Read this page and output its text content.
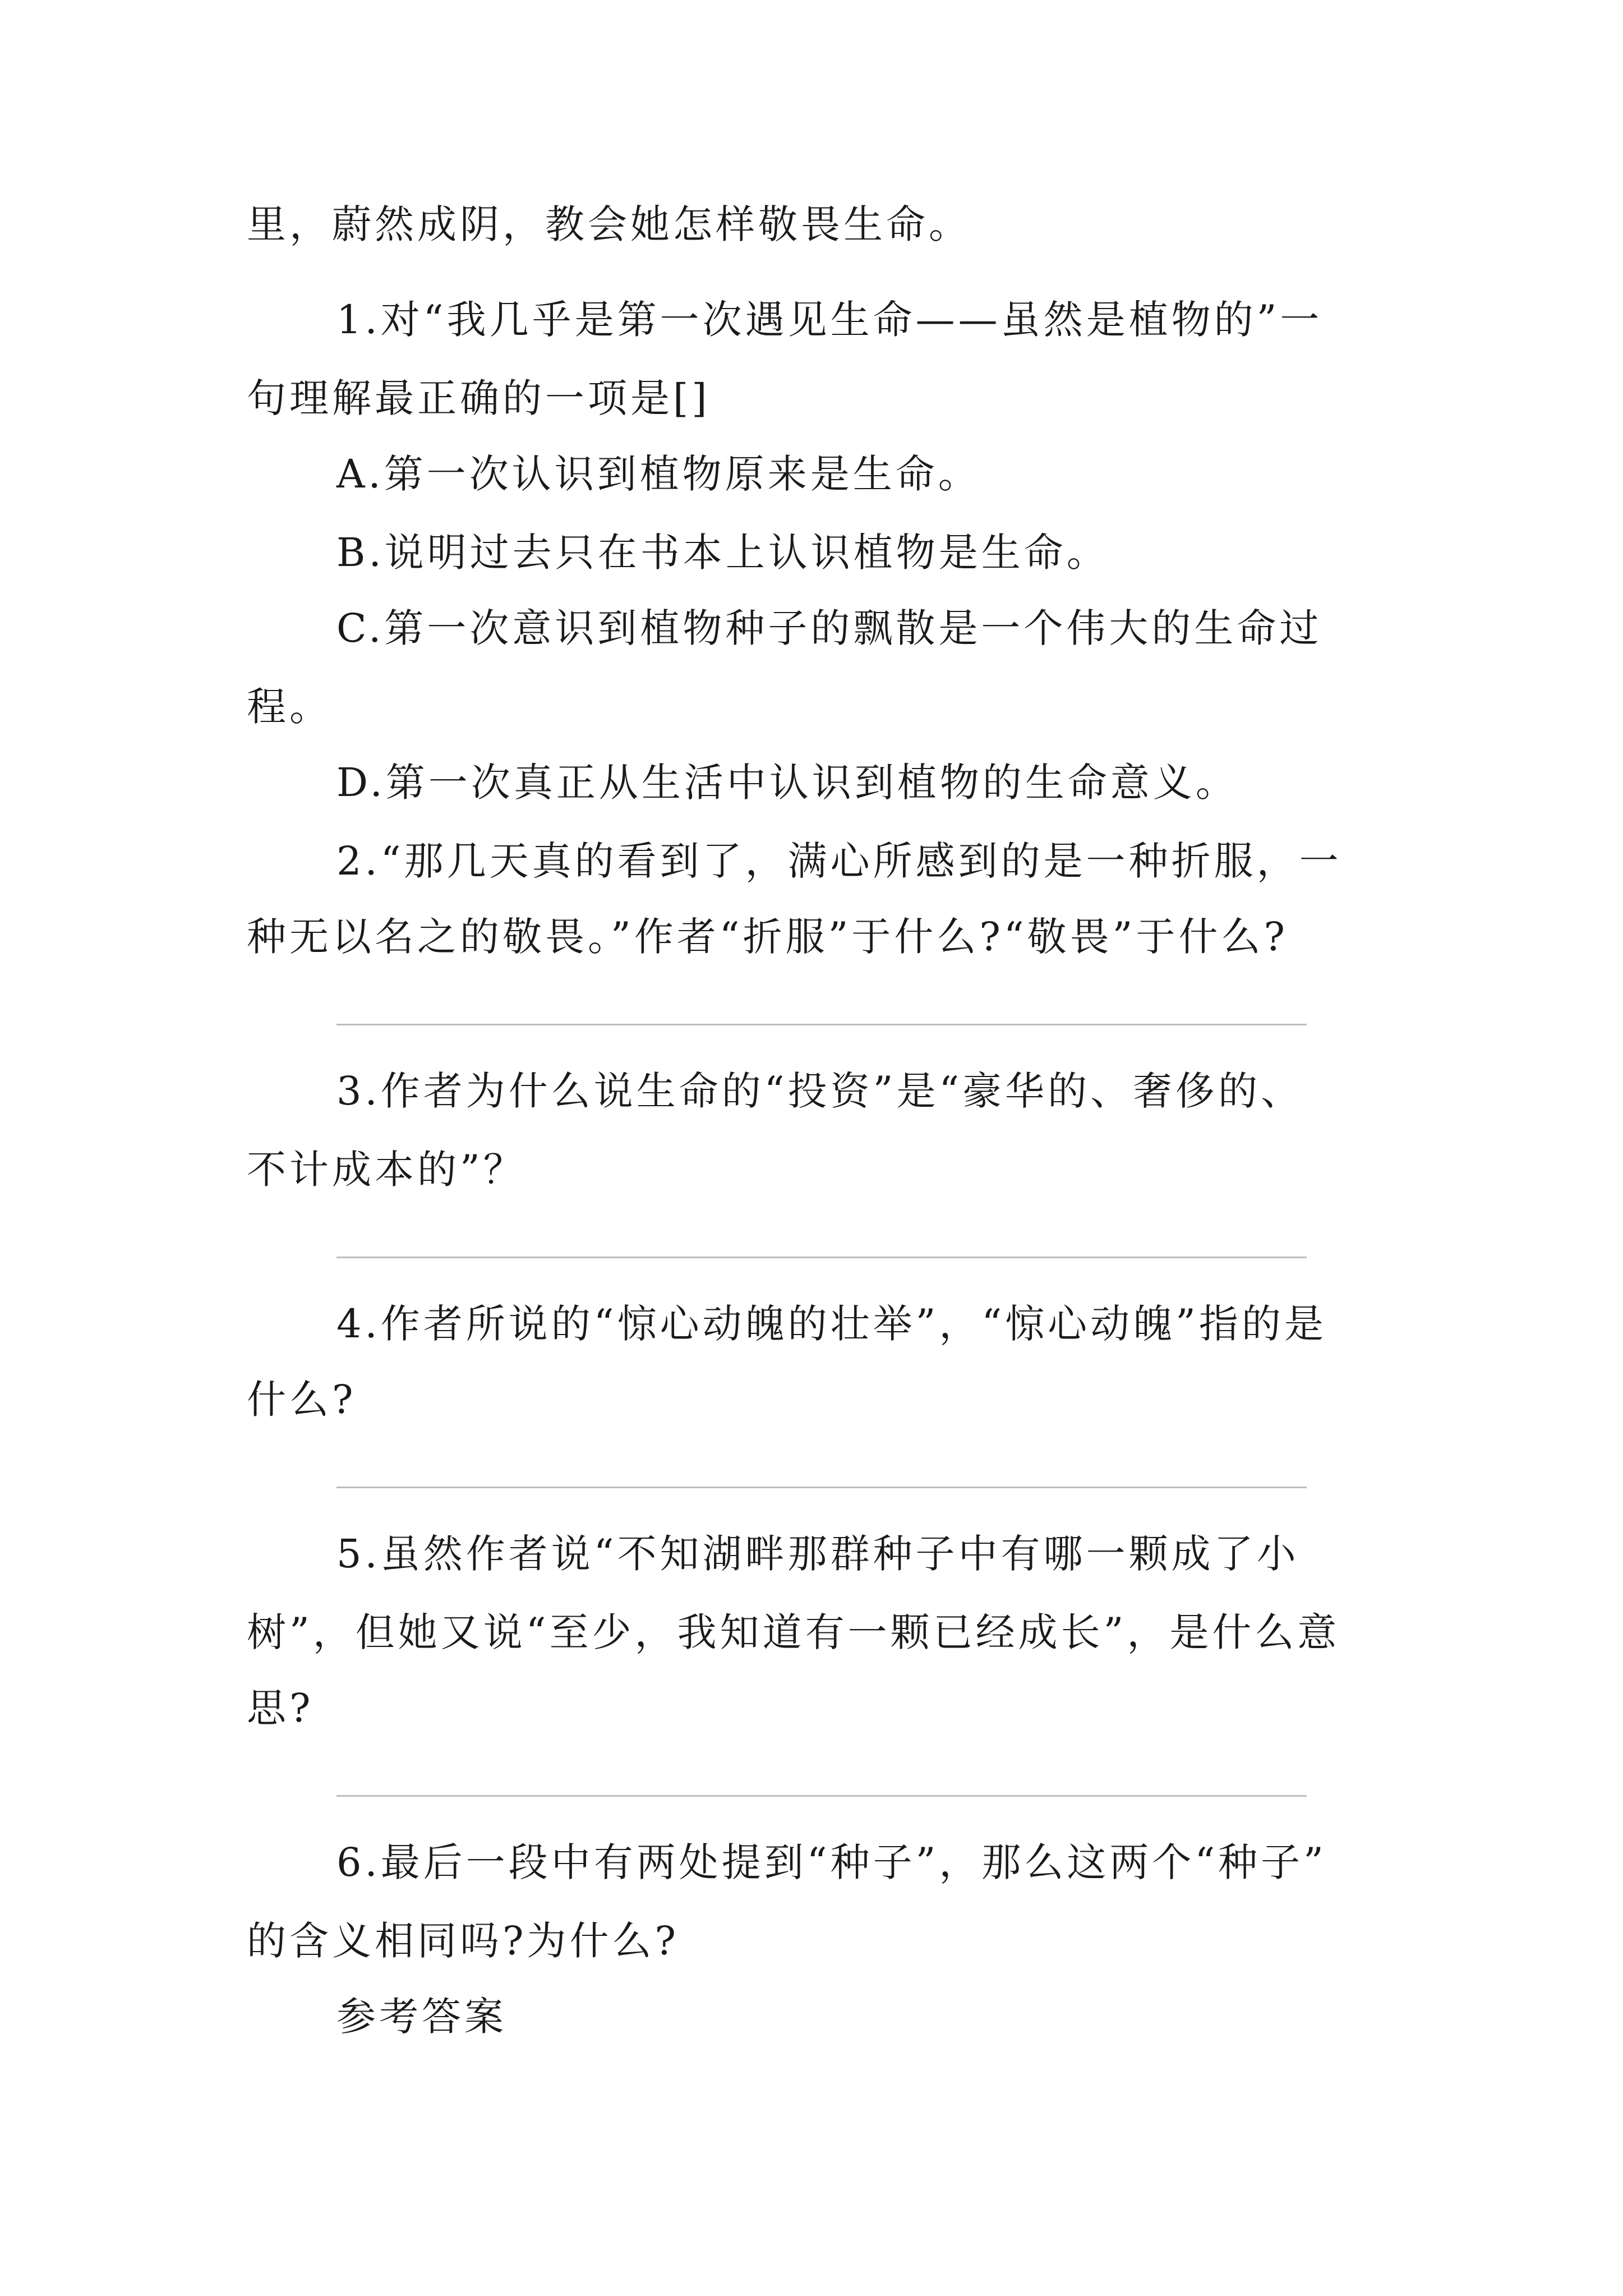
里，蔚然成阴，教会她怎样敬畏生命。
1.对“我几乎是第一次遇见生命——虽然是植物的”一
句理解最正确的一项是[]
A.第一次认识到植物原来是生命。
B.说明过去只在书本上认识植物是生命。
C.第一次意识到植物种子的飘散是一个伟大的生命过
程。
D.第一次真正从生活中认识到植物的生命意义。
2.“那几天真的看到了，满心所感到的是一种折服，一
种无以名之的敬畏。”作者“折服”于什么?“敬畏”于什么?
3.作者为什么说生命的“投资”是“豪华的、奢侈的、
不计成本的”？
4.作者所说的“惊心动魄的壮举”，“惊心动魄”指的是
什么?
5.虽然作者说“不知湖畔那群种子中有哪一颗成了小
树”，但她又说“至少，我知道有一颗已经成长”，是什么意
思?
6.最后一段中有两处提到“种子”，那么这两个“种子”
的含义相同吗?为什么?
参考答案
